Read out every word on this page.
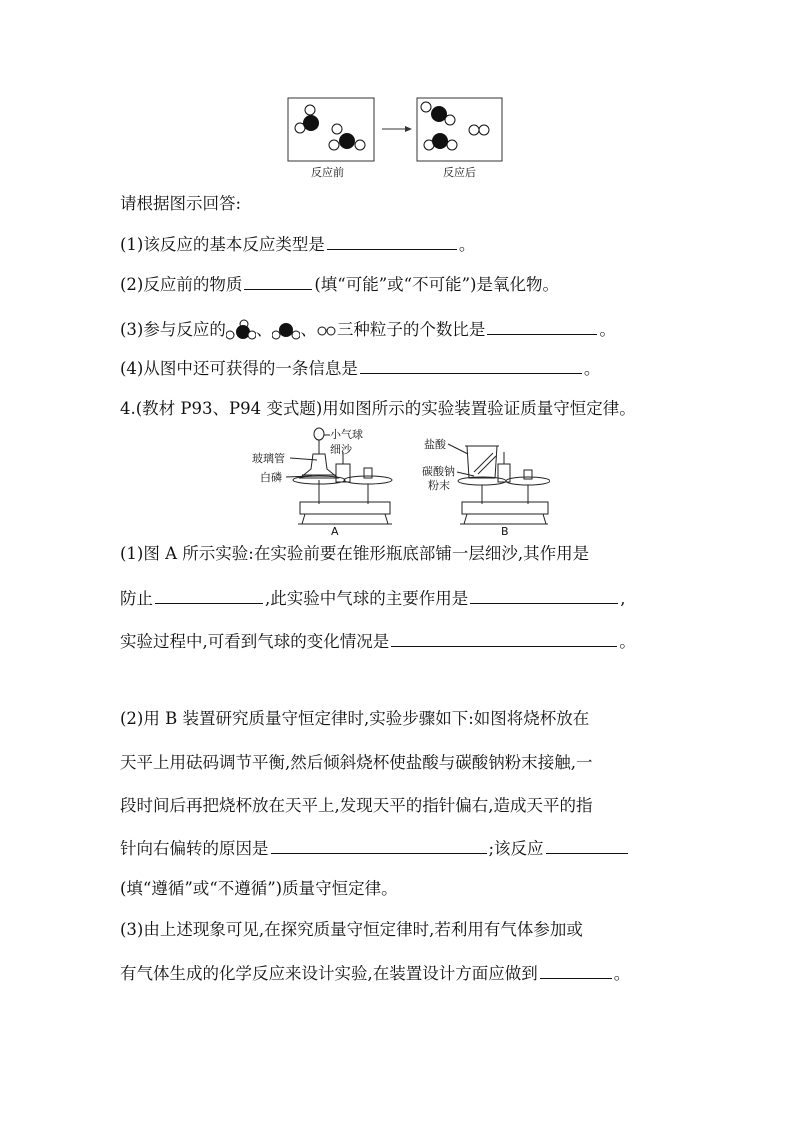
反应前	反应后
请根据图示回答:
(1)该反应的基本反应类型是	。
(2)反应前的物质	(填“可能”或“不可能”)是氧化物。
(3)参与反应的 、 、 三种粒子的个数比是	。
(4)从图中还可获得的一条信息是	。
4.(教材 P93、P94 变式题)用如图所示的实验装置验证质量守恒定律。
小气球
细沙
玻璃管
白磷
A
盐酸
碳酸钠
粉末
B
(1)图 A 所示实验:在实验前要在锥形瓶底部铺一层细沙,其作用是
防止	,此实验中气球的主要作用是	,
实验过程中,可看到气球的变化情况是	。
(2)用 B 装置研究质量守恒定律时,实验步骤如下:如图将烧杯放在
天平上用砝码调节平衡,然后倾斜烧杯使盐酸与碳酸钠粉末接触,一
段时间后再把烧杯放在天平上,发现天平的指针偏右,造成天平的指
针向右偏转的原因是	;该反应
(填“遵循”或“不遵循”)质量守恒定律。
(3)由上述现象可见,在探究质量守恒定律时,若利用有气体参加或
有气体生成的化学反应来设计实验,在装置设计方面应做到	。
